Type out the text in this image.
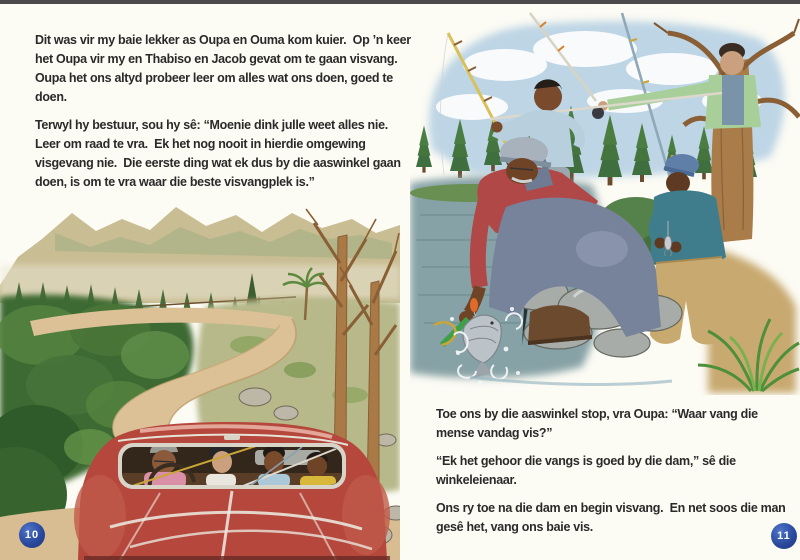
Dit was vir my baie lekker as Oupa en Ouma kom kuier.  Op ’n keer het Oupa vir my en Thabiso en Jacob gevat om te gaan visvang.  Oupa het ons altyd probeer leer om alles wat ons doen, goed te doen.

Terwyl hy bestuur, sou hy sê: “Moenie dink julle weet alles nie.  Leer om raad te vra.  Ek het nog nooit in hierdie omgewing visgevang nie.  Die eerste ding wat ek dus by die aaswinkel gaan doen, is om te vra waar die beste visvangplek is.”

10

Toe ons by die aaswinkel stop, vra Oupa: “Waar vang die mense vandag vis?”

“Ek het gehoor die vangs is goed by die dam,” sê die winkeleienaar.

Ons ry toe na die dam en begin visvang.  En net soos die man gesê het, vang ons baie vis.

11
